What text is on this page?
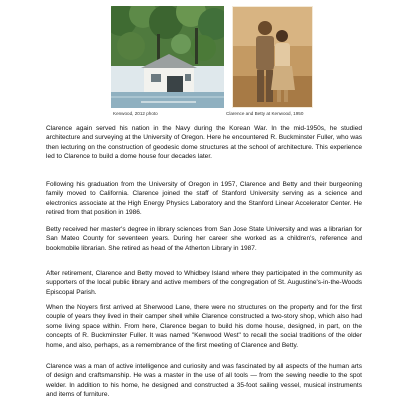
Kenwood, 2012 photo	Clarence and Betty at Kenwood, 1950

Clarence again served his nation in the Navy during the Korean War. In the mid-1950s, he studied architecture and surveying at the University of Oregon. Here he encountered R. Buckminster Fuller, who was then lecturing on the construction of geodesic dome structures at the school of architecture. This experience led to Clarence to build a dome house four decades later.

Following his graduation from the University of Oregon in 1957, Clarence and Betty and their burgeoning family moved to California. Clarence joined the staff of Stanford University serving as a science and electronics associate at the High Energy Physics Laboratory and the Stanford Linear Accelerator Center. He retired from that position in 1986.

Betty received her master's degree in library sciences from San Jose State University and was a librarian for San Mateo County for seventeen years. During her career she worked as a children's, reference and bookmobile librarian. She retired as head of the Atherton Library in 1987.

After retirement, Clarence and Betty moved to Whidbey Island where they participated in the community as supporters of the local public library and active members of the congregation of St. Augustine's-in-the-Woods Episcopal Parish.

When the Noyers first arrived at Sherwood Lane, there were no structures on the property and for the first couple of years they lived in their camper shell while Clarence constructed a two-story shop, which also had some living space within. From here, Clarence began to build his dome house, designed, in part, on the concepts of R. Buckminster Fuller. It was named "Kenwood West" to recall the social traditions of the older home, and also, perhaps, as a remembrance of the first meeting of Clarence and Betty.

Clarence was a man of active intelligence and curiosity and was fascinated by all aspects of the human arts of design and craftsmanship. He was a master in the use of all tools — from the sewing needle to the spot welder. In addition to his home, he designed and constructed a 35-foot sailing vessel, musical instruments and items of furniture.
